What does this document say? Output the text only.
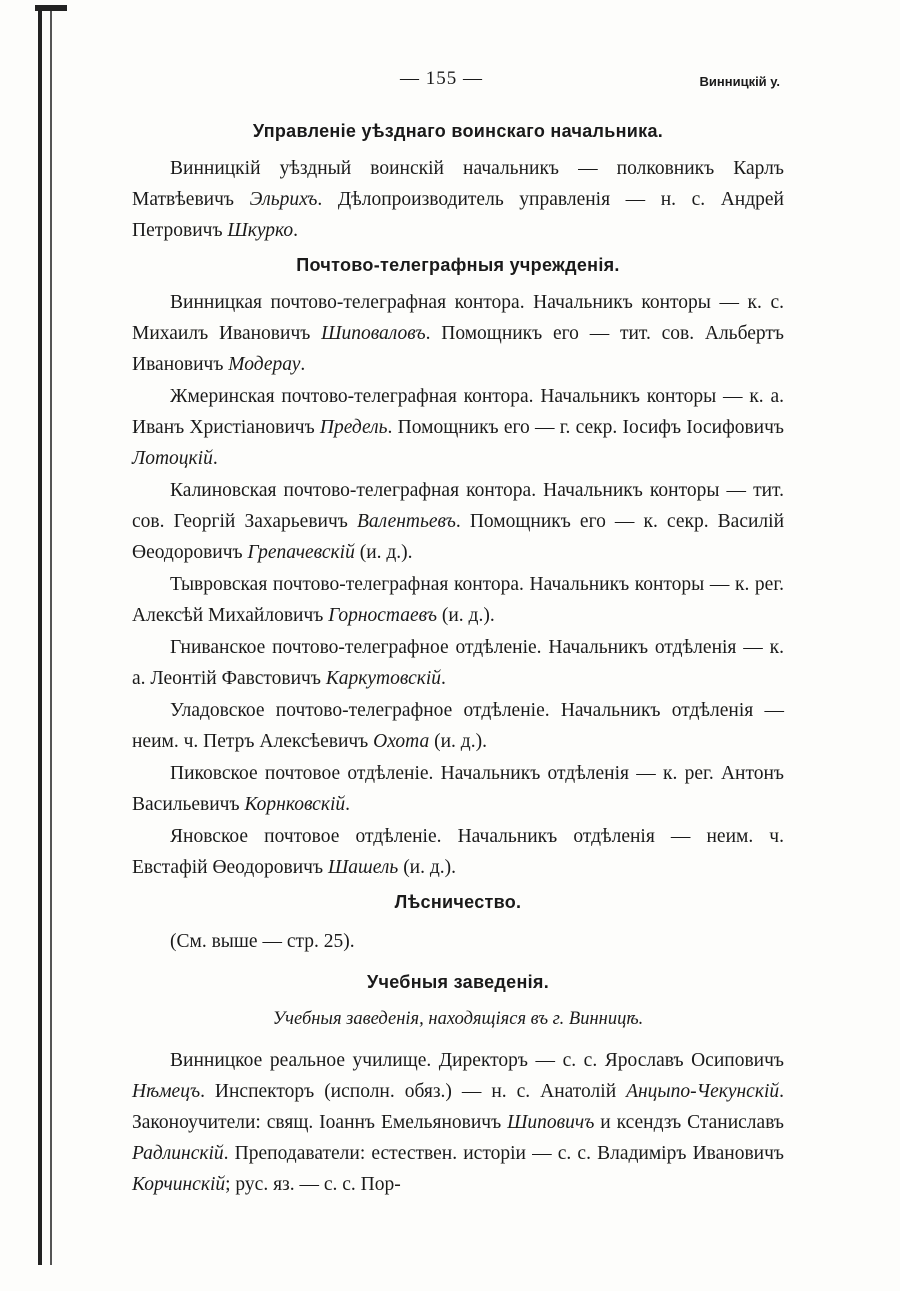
— 155 —	Винницкiй у.
Управленiе уѣзднаго воинскаго начальника.

Винницкiй уѣздный воинскiй начальникъ — полковникъ Карлъ Матвѣевичъ Эльрихъ. Дѣлопроизводитель управленiя — н. с. Андрей Петровичъ Шкурко.

Почтово-телеграфныя учрежденiя.

Винницкая почтово-телеграфная контора. Начальникъ конторы — к. с. Михаилъ Ивановичъ Шиповаловъ. Помощникъ его — тит. сов. Альбертъ Ивановичъ Модерау.

Жмеринская почтово-телеграфная контора. Начальникъ конторы — к. а. Иванъ Христiановичъ Предель. Помощникъ его — г. секр. Iосифъ Iосифовичъ Лотоцкiй.

Калиновская почтово-телеграфная контора. Начальникъ конторы — тит. сов. Георгiй Захарьевичъ Валентьевъ. Помощникъ его — к. секр. Василiй Өеодоровичъ Грепачевскiй (и. д.).

Тывровская почтово-телеграфная контора. Начальникъ конторы — к. рег. Алексѣй Михайловичъ Горностаевъ (и. д.).

Гниванское почтово-телеграфное отдѣленiе. Начальникъ отдѣленiя — к. а. Леонтiй Фавстовичъ Каркутовскiй.

Уладовское почтово-телеграфное отдѣленiе. Начальникъ отдѣленiя — неим. ч. Петръ Алексѣевичъ Охота (и. д.).

Пиковское почтовое отдѣленiе. Начальникъ отдѣленiя — к. рег. Антонъ Васильевичъ Корнковскiй.

Яновское почтовое отдѣленiе. Начальникъ отдѣленiя — неим. ч. Евстафiй Өеодоровичъ Шашель (и. д.).

Лѣсничество.
(См. выше — стр. 25).
Учебныя заведенiя.
Учебныя заведенiя, находящiяся въ г. Винницѣ.

Винницкое реальное училище. Директоръ — с. с. Ярославъ Осиповичъ Нѣмецъ. Инспекторъ (исполн. обяз.) — н. с. Анатолiй Анцыпо-Чекунскiй. Законоучители: свящ. Iоаннъ Емельяновичъ Шиповичъ и ксендзъ Станиславъ Радлинскiй. Преподаватели: естествен. исторiи — с. с. Владимiръ Ивановичъ Корчинскiй; рус. яз. — с. с. Пор-
